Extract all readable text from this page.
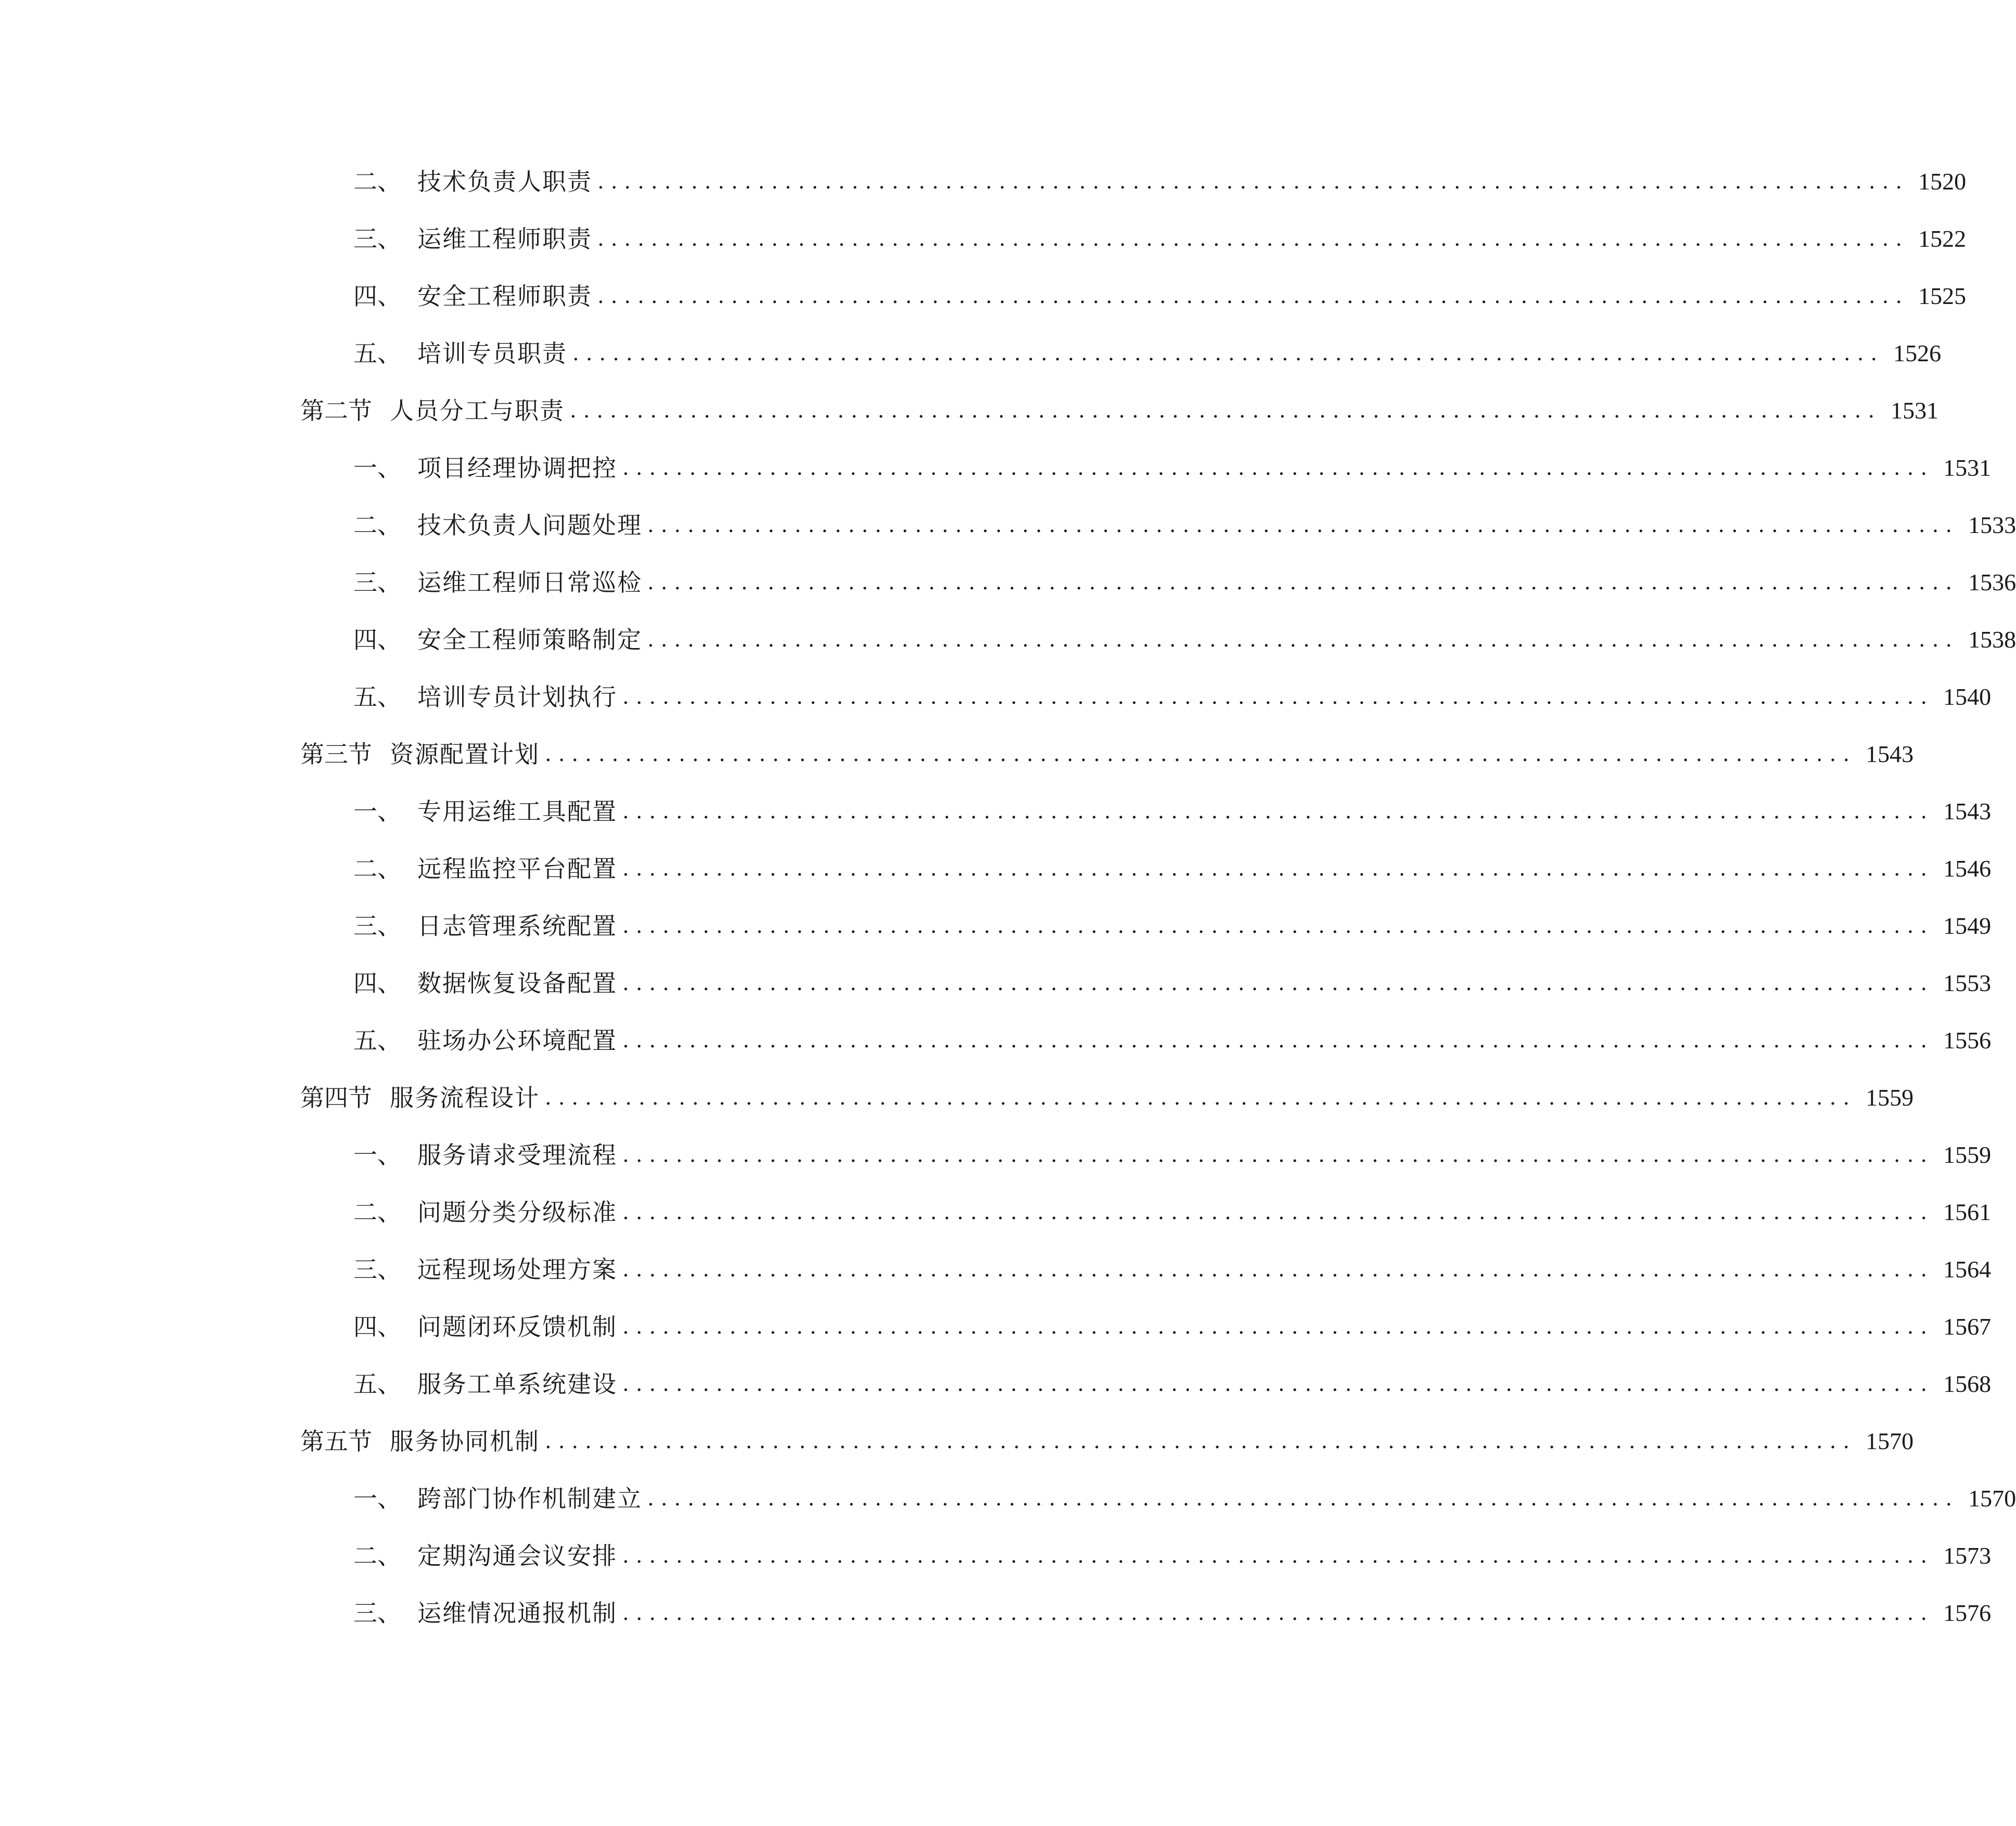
二、 技术负责人职责 .................................................................................................. 1520
三、 运维工程师职责 .................................................................................................. 1522
四、 安全工程师职责 .................................................................................................. 1525
五、 培训专员职责 .................................................................................................. 1526
第二节 人员分工与职责 .................................................................................................. 1531
一、 项目经理协调把控 .................................................................................................. 1531
二、 技术负责人问题处理 .................................................................................................. 1533
三、 运维工程师日常巡检 .................................................................................................. 1536
四、 安全工程师策略制定 .................................................................................................. 1538
五、 培训专员计划执行 .................................................................................................. 1540
第三节 资源配置计划 .................................................................................................. 1543
一、 专用运维工具配置 .................................................................................................. 1543
二、 远程监控平台配置 .................................................................................................. 1546
三、 日志管理系统配置 .................................................................................................. 1549
四、 数据恢复设备配置 .................................................................................................. 1553
五、 驻场办公环境配置 .................................................................................................. 1556
第四节 服务流程设计 .................................................................................................. 1559
一、 服务请求受理流程 .................................................................................................. 1559
二、 问题分类分级标准 .................................................................................................. 1561
三、 远程现场处理方案 .................................................................................................. 1564
四、 问题闭环反馈机制 .................................................................................................. 1567
五、 服务工单系统建设 .................................................................................................. 1568
第五节 服务协同机制 .................................................................................................. 1570
一、 跨部门协作机制建立 .................................................................................................. 1570
二、 定期沟通会议安排 .................................................................................................. 1573
三、 运维情况通报机制 .................................................................................................. 1576
